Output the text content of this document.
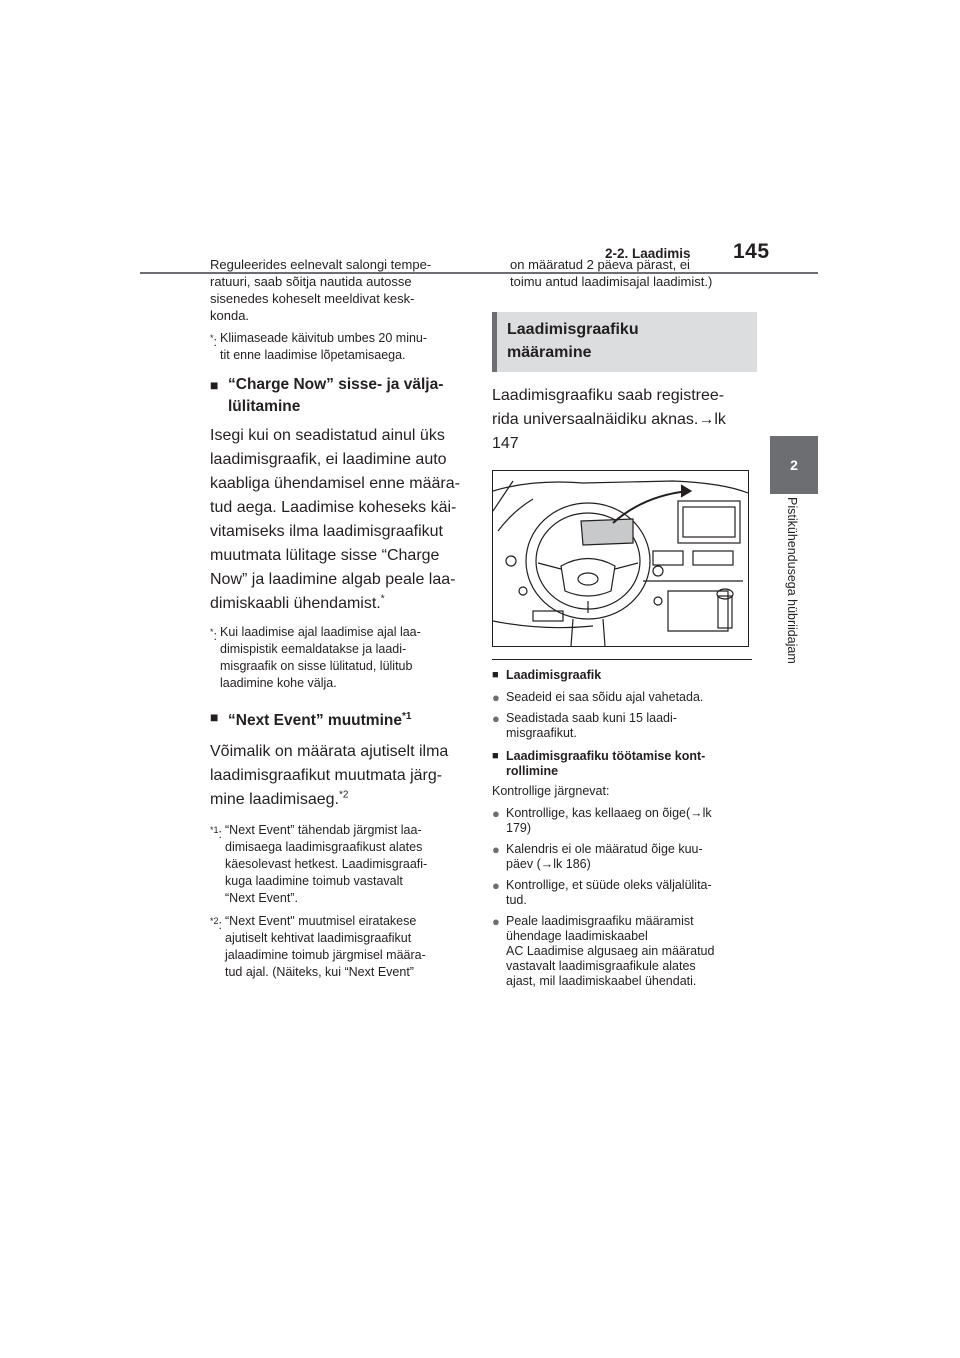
2-2. Laadimis 145
2
Pistikühendusega hübriidajam
Reguleerides eelnevalt salongi tempe-
ratuuri, saab sõitja nautida autosse
sisenedes koheselt meeldivat kesk-
konda.
*: Kliimaseade käivitub umbes 20 minu-
tit enne laadimise lõpetamisaega.
■ “Charge Now” sisse- ja välja-
lülitamine
Isegi kui on seadistatud ainul üks
laadimisgraafik, ei laadimine auto
kaabliga ühendamisel enne määra-
tud aega. Laadimise koheseks käi-
vitamiseks ilma laadimisgraafikut
muutmata lülitage sisse “Charge
Now” ja laadimine algab peale laa-
dimiskaabli ühendamist.*
*: Kui laadimise ajal laadimise ajal laa-
dimispistik eemaldatakse ja laadi-
misgraafik on sisse lülitatud, lülitub
laadimine kohe välja.
■ “Next Event” muutmine$^{*1}$
Võimalik on määrata ajutiselt ilma
laadimisgraafikut muutmata järg-
mine laadimisaeg.$^{*2}$
$^{*1}$: “Next Event” tähendab järgmist laa-
dimisaega laadimisgraafikust alates
käesolevast hetkest. Laadimisgraafi-
kuga laadimine toimub vastavalt
“Next Event”.
$^{*2}$: “Next Event" muutmisel eiratakese
ajutiselt kehtivat laadimisgraafikut
jalaadimine toimub järgmisel määra-
tud ajal. (Näiteks, kui “Next Event”
on määratud 2 päeva pärast, ei
toimu antud laadimisajal laadimist.)
Laadimisgraafiku
määramine
Laadimisgraafiku saab registree-
rida universaalnäidiku aknas.→lk
147
■ Laadimisgraafik
● Seadeid ei saa sõidu ajal vahetada.
● Seadistada saab kuni 15 laadi-
misgraafikut.
■ Laadimisgraafiku töötamise kont-
rollimine
Kontrollige järgnevat:
● Kontrollige, kas kellaaeg on õige(→lk
179)
● Kalendris ei ole määratud õige kuu-
päev (→lk 186)
● Kontrollige, et süüde oleks väljalülita-
tud.
● Peale laadimisgraafiku määramist
ühendage laadimiskaabel
AC Laadimise algusaeg ain määratud
vastavalt laadimisgraafikule alates
ajast, mil laadimiskaabel ühendati.
